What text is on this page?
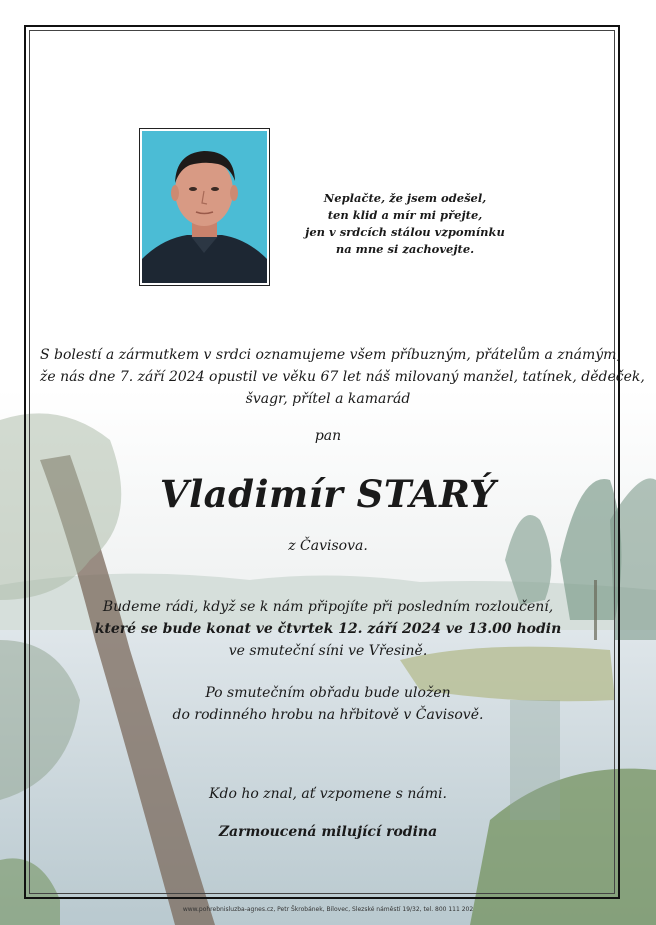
Neplačte, že jsem odešel,
ten klid a mír mi přejte,
jen v srdcích stálou vzpomínku
na mne si zachovejte.
S bolestí a zármutkem v srdci oznamujeme všem příbuzným, přátelům a známým,
že nás dne 7. září 2024 opustil ve věku 67 let náš milovaný manžel, tatínek, dědeček,
švagr, přítel a kamarád
pan
Vladimír STARÝ
z Čavisova.
Budeme rádi, když se k nám připojíte při posledním rozloučení,
které se bude konat ve čtvrtek 12. září 2024 ve 13.00 hodin
ve smuteční síni ve Vřesině.
Po smutečním obřadu bude uložen
do rodinného hrobu na hřbitově v Čavisově.
Kdo ho znal, ať vzpomene s námi.
Zarmoucená milující rodina
www.pohrebnisluzba-agnes.cz, Petr Škrobánek, Bílovec, Slezské náměstí 19/32, tel. 800 111 202
